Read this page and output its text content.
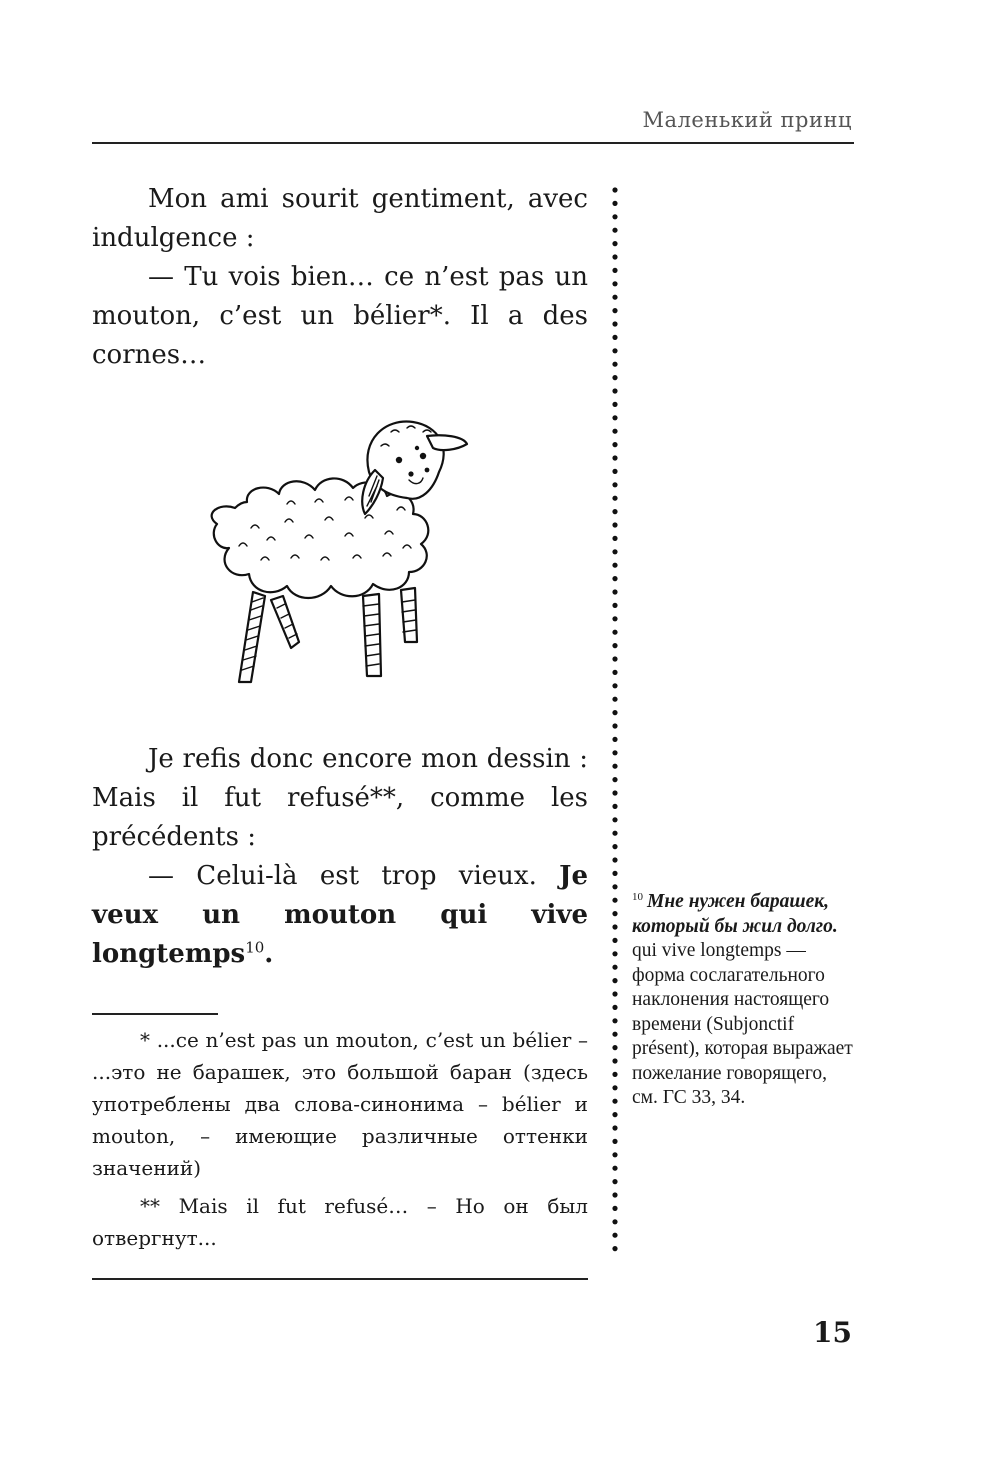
Маленький принц

Mon ami sourit gentiment, avec indulgence :

— Tu vois bien… ce n’est pas un mouton, c’est un bélier*. Il a des cornes…

Je refis donc encore mon dessin : Mais il fut refusé**, comme les précédents :

— Celui-là est trop vieux. Je veux un mouton qui vive longtemps$^{10}$.

* ...ce n’est pas un mouton, c’est un bélier – ...это не барашек, это большой баран (здесь употреблены два слова-синонима – bélier и mouton, – имеющие различные оттенки значений)

** Mais il fut refusé… – Но он был отвергнут...

$^{10}$ Мне нужен барашек, который бы жил долго.
qui vive longtemps — форма сослагательного наклонения настоящего времени (Subjonctif présent), которая выражает пожелание говорящего, см. ГС 33, 34.
15
